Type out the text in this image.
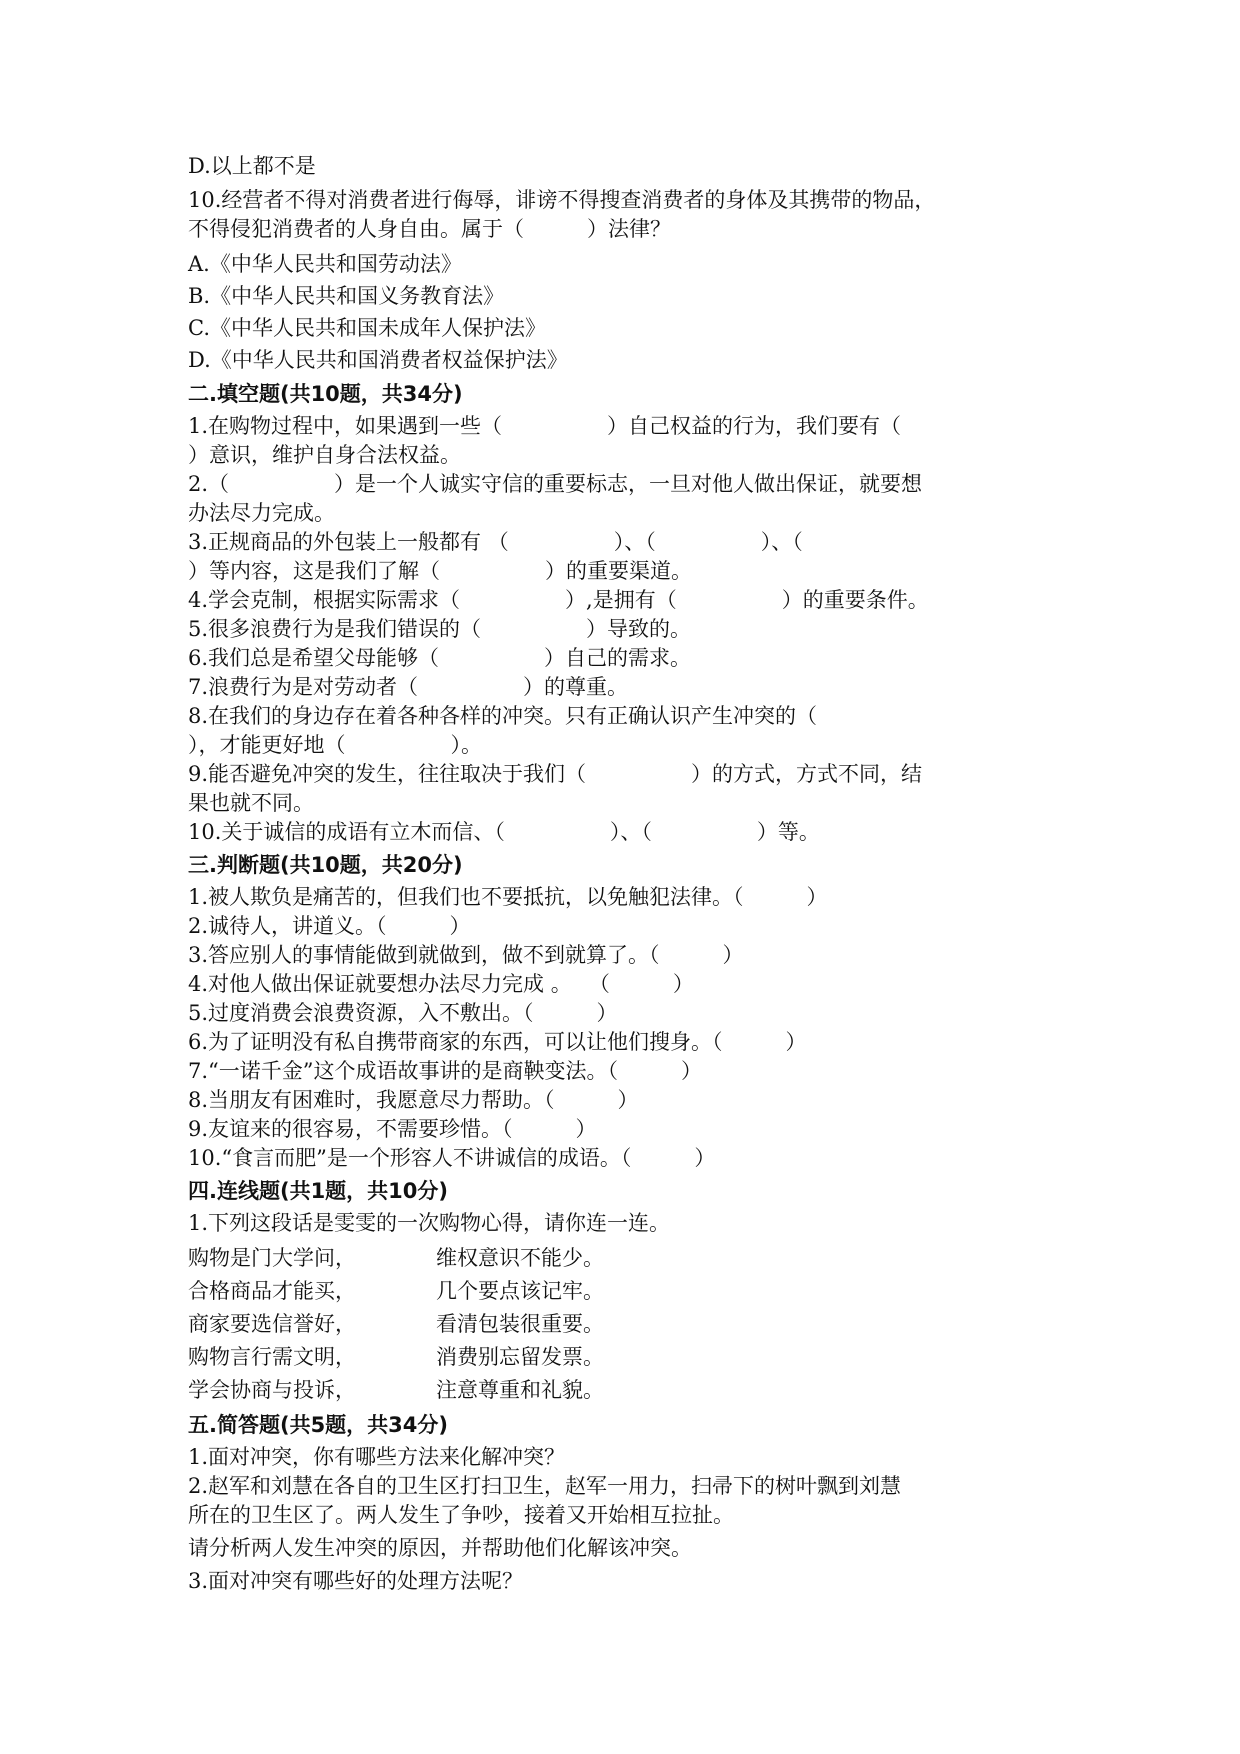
D.以上都不是
10.经营者不得对消费者进行侮辱，诽谤不得搜查消费者的身体及其携带的物品，
不得侵犯消费者的人身自由。属于（　　　）法律？
A.《中华人民共和国劳动法》
B.《中华人民共和国义务教育法》
C.《中华人民共和国未成年人保护法》
D.《中华人民共和国消费者权益保护法》
二.填空题(共10题，共34分)
1.在购物过程中，如果遇到一些（　　　　　）自己权益的行为，我们要有（
）意识，维护自身合法权益。
2.（　　　　　）是一个人诚实守信的重要标志，一旦对他人做出保证，就要想
办法尽力完成。
3.正规商品的外包装上一般都有 （　　　　　）、（　　　　　）、（
）等内容，这是我们了解（　　　　　）的重要渠道。
4.学会克制，根据实际需求（　　　　　）,是拥有（　　　　　）的重要条件。
5.很多浪费行为是我们错误的（　　　　　）导致的。
6.我们总是希望父母能够（　　　　　）自己的需求。
7.浪费行为是对劳动者（　　　　　）的尊重。
8.在我们的身边存在着各种各样的冲突。只有正确认识产生冲突的（
），才能更好地（　　　　　）。
9.能否避免冲突的发生，往往取决于我们（　　　　　）的方式，方式不同，结
果也就不同。
10.关于诚信的成语有立木而信、（　　　　　）、（　　　　　）等。
三.判断题(共10题，共20分)
1.被人欺负是痛苦的，但我们也不要抵抗，以免触犯法律。（　　　）
2.诚待人，讲道义。（　　　）
3.答应别人的事情能做到就做到，做不到就算了。（　　　）
4.对他人做出保证就要想办法尽力完成 。　 （　　　）
5.过度消费会浪费资源，入不敷出。（　　　）
6.为了证明没有私自携带商家的东西，可以让他们搜身。（　　　）
7.“一诺千金”这个成语故事讲的是商鞅变法。（　　　）
8.当朋友有困难时，我愿意尽力帮助。（　　　）
9.友谊来的很容易，不需要珍惜。（　　　）
10.“食言而肥”是一个形容人不讲诚信的成语。（　　　）
四.连线题(共1题，共10分)
1.下列这段话是雯雯的一次购物心得，请你连一连。
购物是门大学问，	维权意识不能少。
合格商品才能买，	几个要点该记牢。
商家要选信誉好，	看清包装很重要。
购物言行需文明，	消费别忘留发票。
学会协商与投诉，	注意尊重和礼貌。
五.简答题(共5题，共34分)
1.面对冲突，你有哪些方法来化解冲突？
2.赵军和刘慧在各自的卫生区打扫卫生，赵军一用力，扫帚下的树叶飘到刘慧
所在的卫生区了。两人发生了争吵，接着又开始相互拉扯。
请分析两人发生冲突的原因，并帮助他们化解该冲突。
3.面对冲突有哪些好的处理方法呢？
